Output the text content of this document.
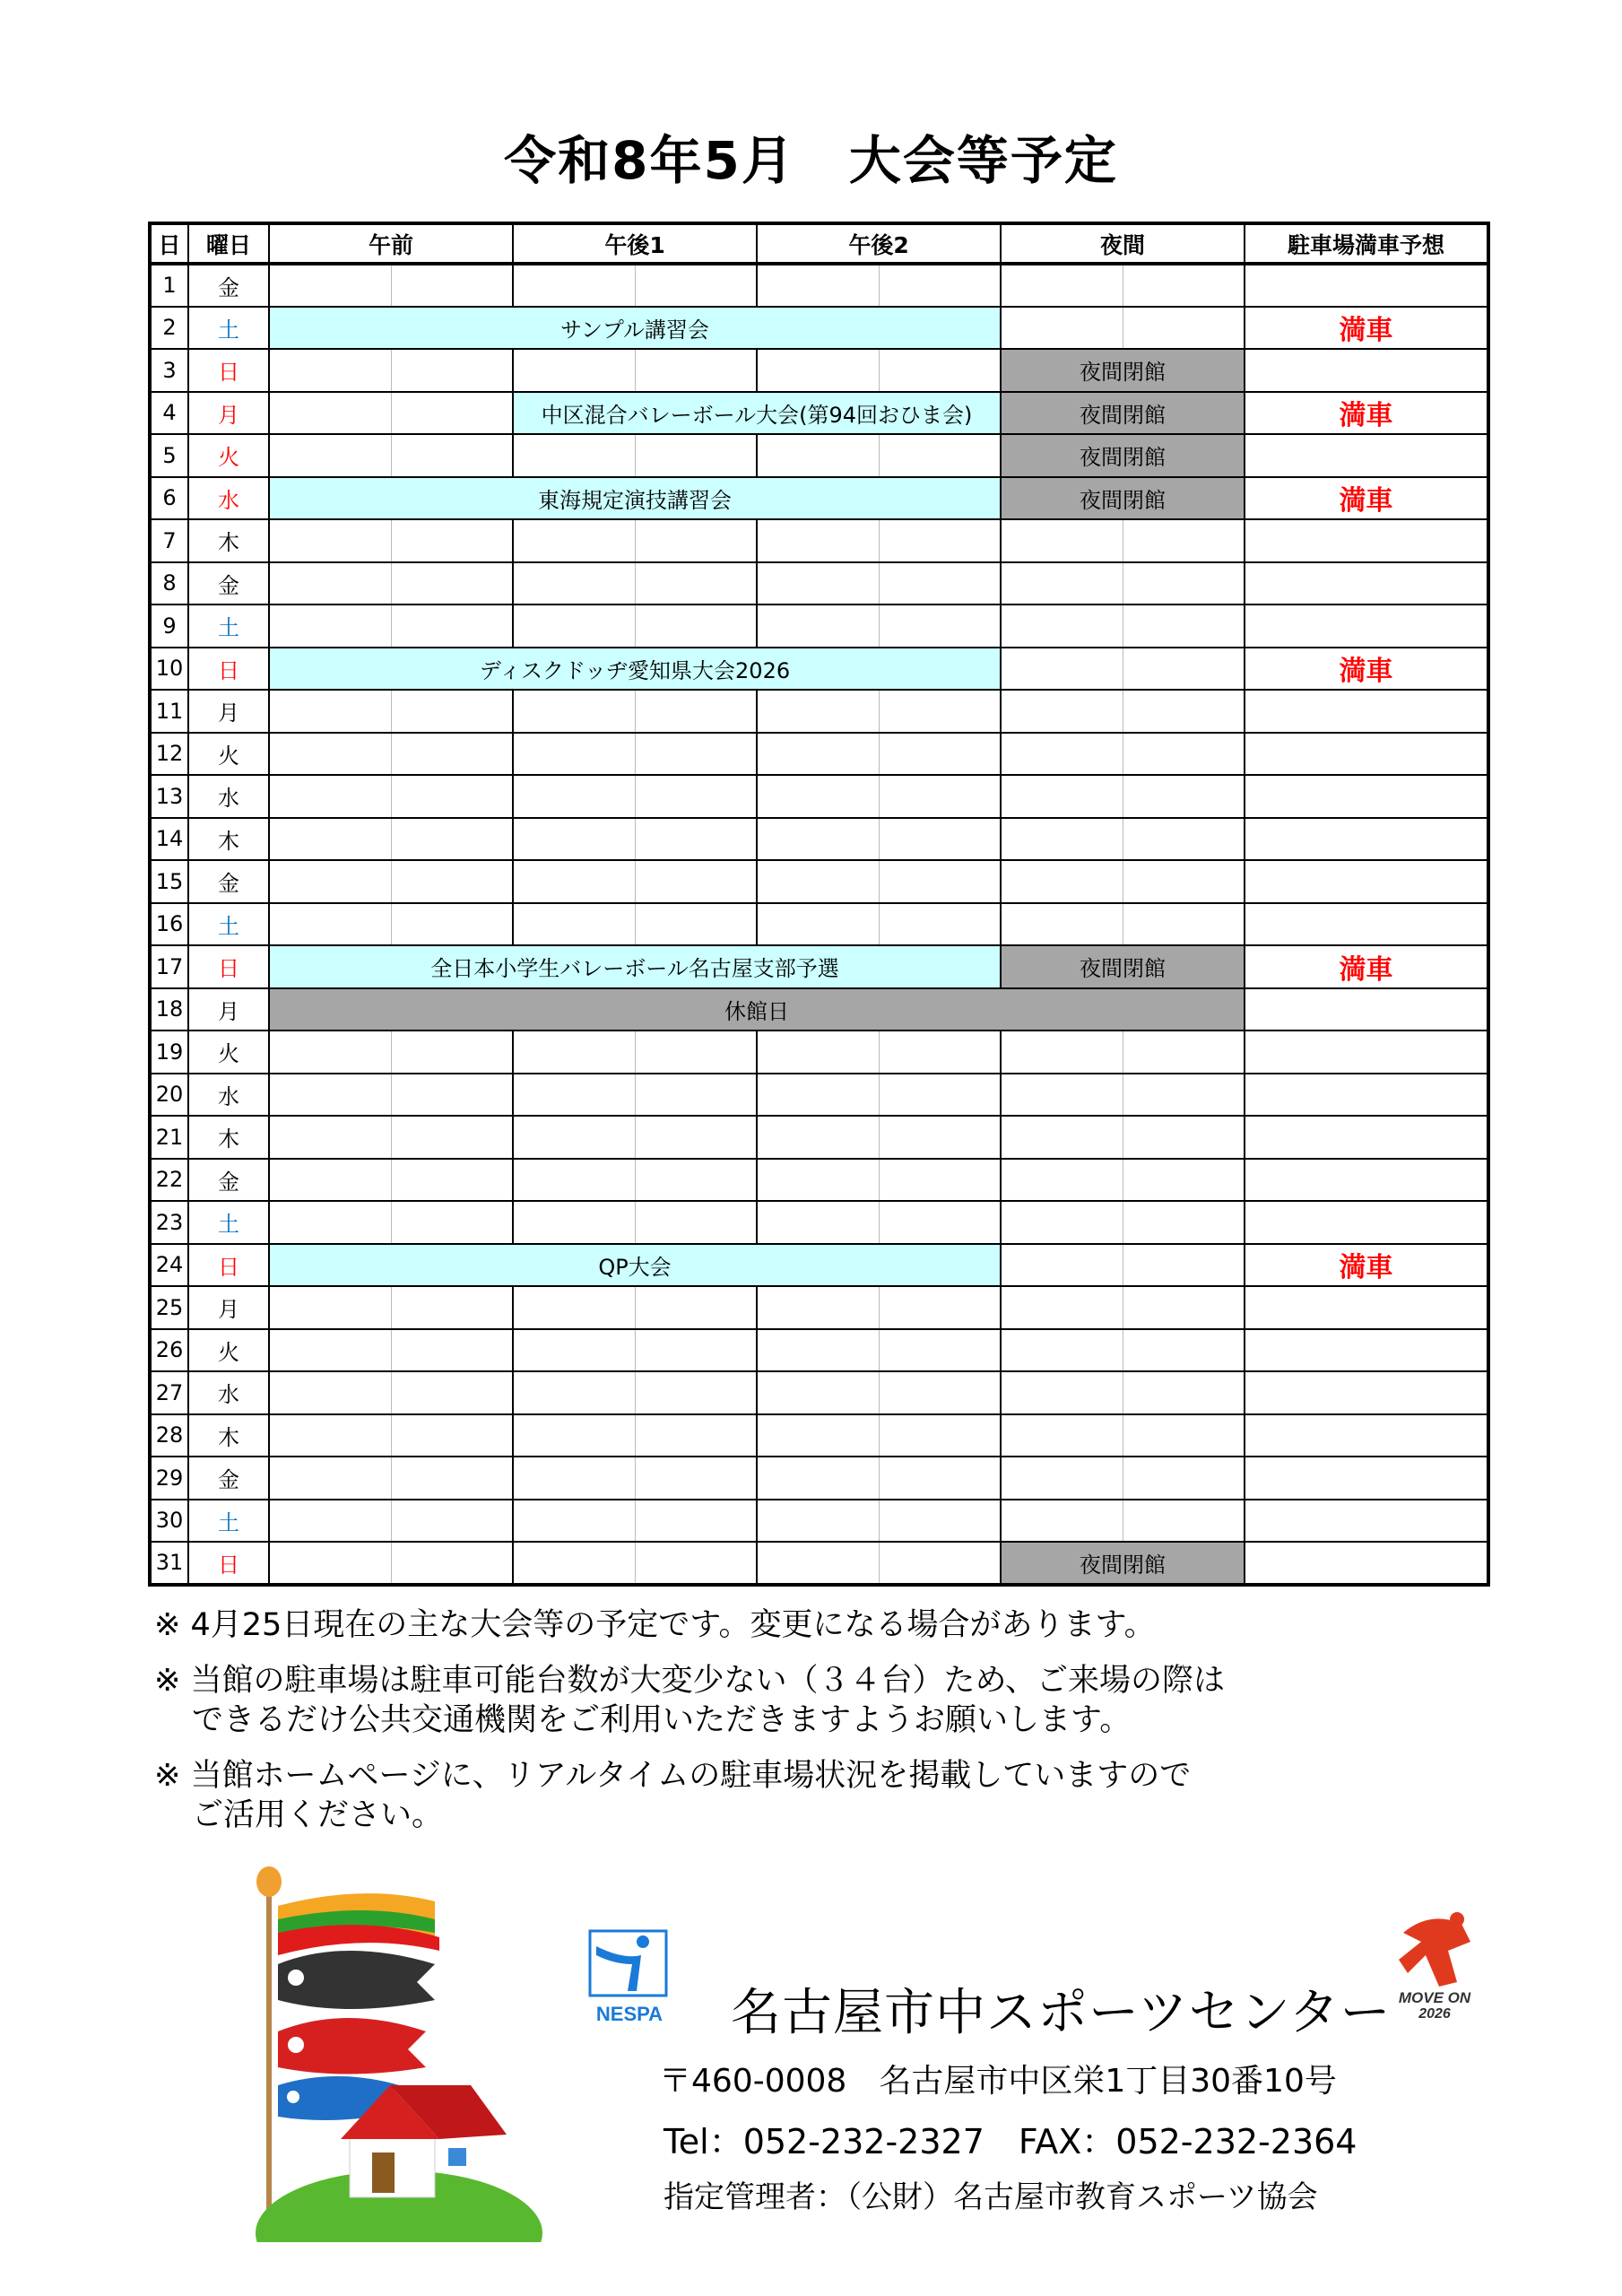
令和8年5月　大会等予定
日	曜日	午前		午後1		午後2		夜間		駐車場満車予想
1	金									
2	土	サンプル講習会								満車
3	日							夜間閉館		
4	月			中区混合バレーボール大会(第94回おひま会)				夜間閉館		満車
5	火							夜間閉館		
6	水	東海規定演技講習会						夜間閉館		満車
7	木									
8	金									
9	土									
10	日	ディスクドッヂ愛知県大会2026								満車
11	月									
12	火									
13	水									
14	木									
15	金									
16	土									
17	日	全日本小学生バレーボール名古屋支部予選						夜間閉館		満車
18	月	休館日								
19	火									
20	水									
21	木									
22	金									
23	土									
24	日	QP大会								満車
25	月									
26	火									
27	水									
28	木									
29	金									
30	土									
31	日							夜間閉館		
※ 4月25日現在の主な大会等の予定です。変更になる場合があります。
※ 当館の駐車場は駐車可能台数が大変少ない（３４台）ため、ご来場の際は
できるだけ公共交通機関をご利用いただきますようお願いします。
※ 当館ホームページに、リアルタイムの駐車場状況を掲載していますので
ご活用ください。
NESPA
MOVE ON
2026
名古屋市中スポーツセンター
〒460-0008　名古屋市中区栄1丁目30番10号
Tel：052-232-2327　FAX：052-232-2364
指定管理者：（公財）名古屋市教育スポーツ協会
